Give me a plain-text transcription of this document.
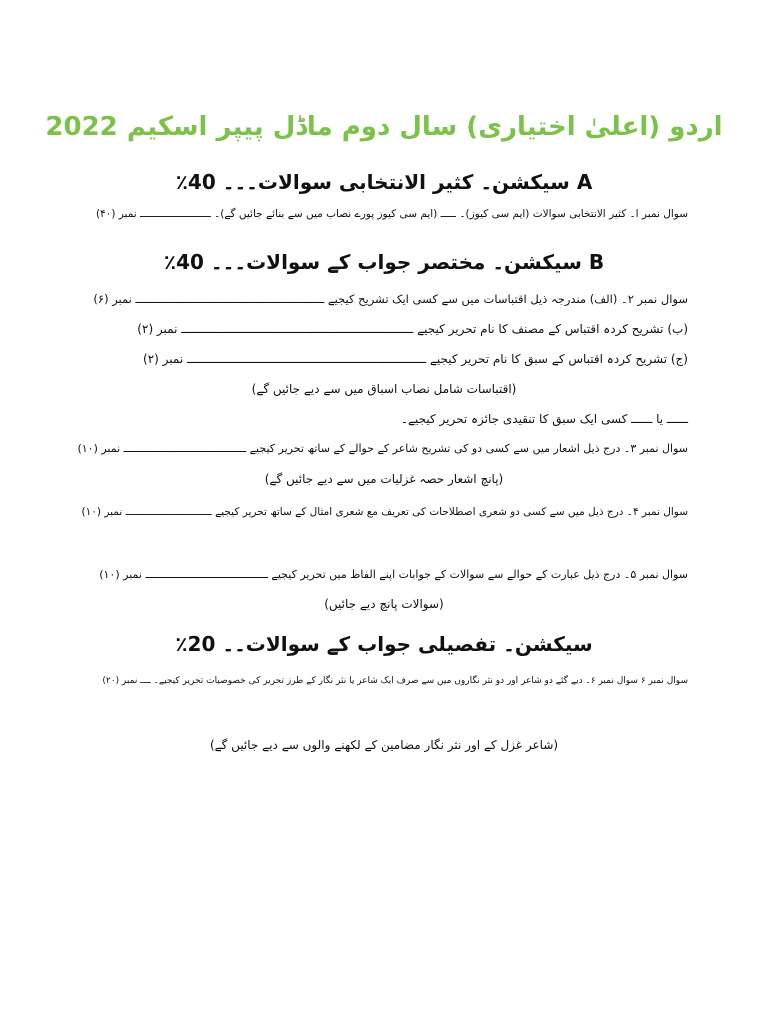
اردو (اعلیٰ اختیاری) سال دوم ماڈل پیپر اسکیم 2022
A سیکشن۔ کثیر الانتخابی سوالات۔۔۔ 40٪
سوال نمبر ا۔ کثیر الانتخابی سوالات (ایم سی کیوز)۔ ـــــ (ایم سی کیوز پورے نصاب میں سے بنائے جائیں گے)۔ ـــــــــــــــــــــــ نمبر (۴۰)
B سیکشن۔ مختصر جواب کے سوالات۔۔۔ 40٪
سوال نمبر ۲۔ (الف) مندرجہ ذیل اقتباسات میں سے کسی ایک تشریح کیجیے ــــــــــــــــــــــــــــــــــــــــــــــــــــــــ نمبر (۶)
(ب) تشریح کردہ اقتباس کے مصنف کا نام تحریر کیجیے ــــــــــــــــــــــــــــــــــــــــــــــــــــــــــــــــــ نمبر (۲)
(ج) تشریح کردہ اقتباس کے سبق کا نام تحریر کیجیے ــــــــــــــــــــــــــــــــــــــــــــــــــــــــــــــــــــ نمبر (۲)
(اقتباسات شامل نصاب اسباق میں سے دیے جائیں گے)
ــــــ یا ــــــ کسی ایک سبق کا تنقیدی جائزہ تحریر کیجیے۔
سوال نمبر ۳۔ درج ذیل اشعار میں سے کسی دو کی تشریح شاعر کے حوالے کے ساتھ تحریر کیجیے ــــــــــــــــــــــــــــــــــــــ نمبر (۱۰)
(پانچ اشعار حصہ غزلیات میں سے دیے جائیں گے)
سوال نمبر ۴۔ درج ذیل میں سے کسی دو شعری اصطلاحات کی تعریف مع شعری امثال کے ساتھ تحریر کیجیے ــــــــــــــــــــــــــــ نمبر (۱۰)
سوال نمبر ۵۔ درج ذیل عبارت کے حوالے سے سوالات کے جوابات اپنے الفاظ میں تحریر کیجیے ــــــــــــــــــــــــــــــــــــــ نمبر (۱۰)
(سوالات پانچ دیے جائیں)
سیکشن۔ تفصیلی جواب کے سوالات۔۔ 20٪
سوال نمبر ۶ سوال نمبر ۶۔ دیے گئے دو شاعر اور دو نثر نگاروں میں سے صرف ایک شاعر یا نثر نگار کے طرز تحریر کی خصوصیات تحریر کیجیے۔ ــــ نمبر (۲۰)
(شاعر غزل کے اور نثر نگار مضامین کے لکھنے والوں سے دیے جائیں گے)
